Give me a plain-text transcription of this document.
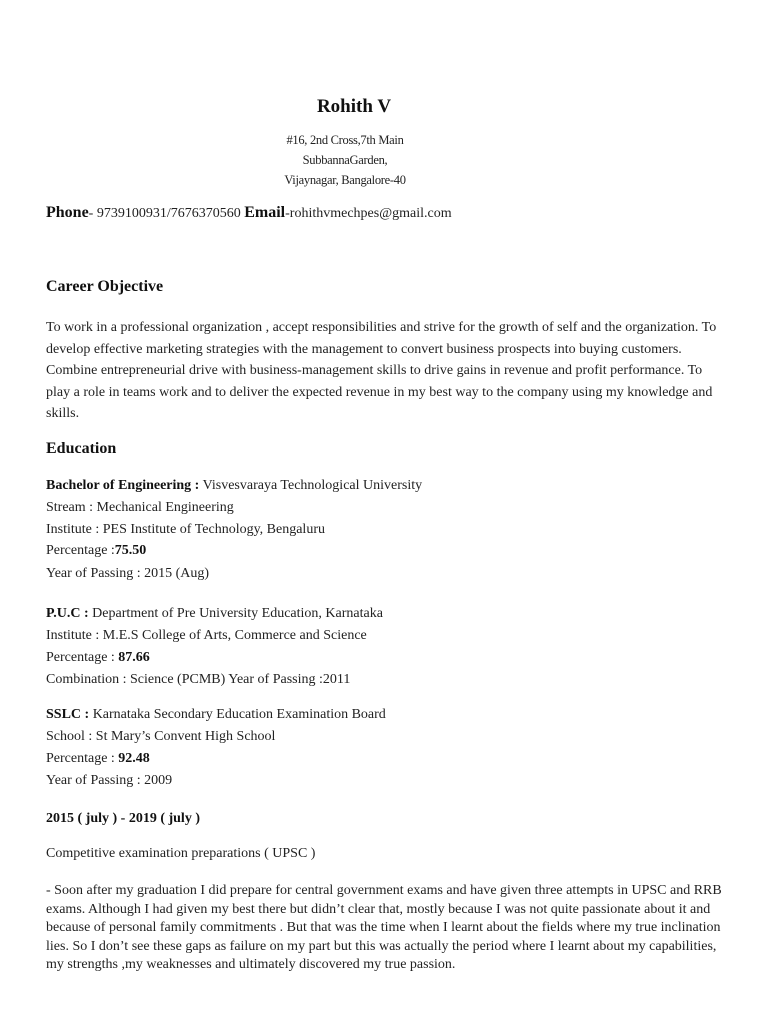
Rohith V
#16, 2nd Cross,7th Main
SubbannaGarden,
Vijaynagar, Bangalore-40
Phone- 9739100931/7676370560 Email-rohithvmechpes@gmail.com
Career Objective
To work in a professional organization , accept responsibilities and strive for the growth of self and the organization. To develop effective marketing strategies with the management to convert business prospects into buying customers. Combine entrepreneurial drive with business-management skills to drive gains in revenue and profit performance. To play a role in teams work and to deliver the expected revenue in my best way to the company using my knowledge and skills.
Education
Bachelor of Engineering : Visvesvaraya Technological University
Stream : Mechanical Engineering
Institute : PES Institute of Technology, Bengaluru
Percentage :75.50
Year of Passing : 2015 (Aug)
P.U.C : Department of Pre University Education, Karnataka
Institute : M.E.S College of Arts, Commerce and Science
Percentage : 87.66
Combination : Science (PCMB) Year of Passing :2011
SSLC : Karnataka Secondary Education Examination Board
School : St Mary’s Convent High School
Percentage : 92.48
Year of Passing : 2009
2015 ( july ) - 2019 ( july )
Competitive examination preparations ( UPSC )
- Soon after my graduation I did prepare for central government exams and have given three attempts in UPSC and RRB exams. Although I had given my best there but didn’t clear that, mostly because I was not quite passionate about it and because of personal family commitments . But that was the time when I learnt about the fields where my true inclination lies. So I don’t see these gaps as failure on my part but this was actually the period where I learnt about my capabilities, my strengths ,my weaknesses and ultimately discovered my true passion.
